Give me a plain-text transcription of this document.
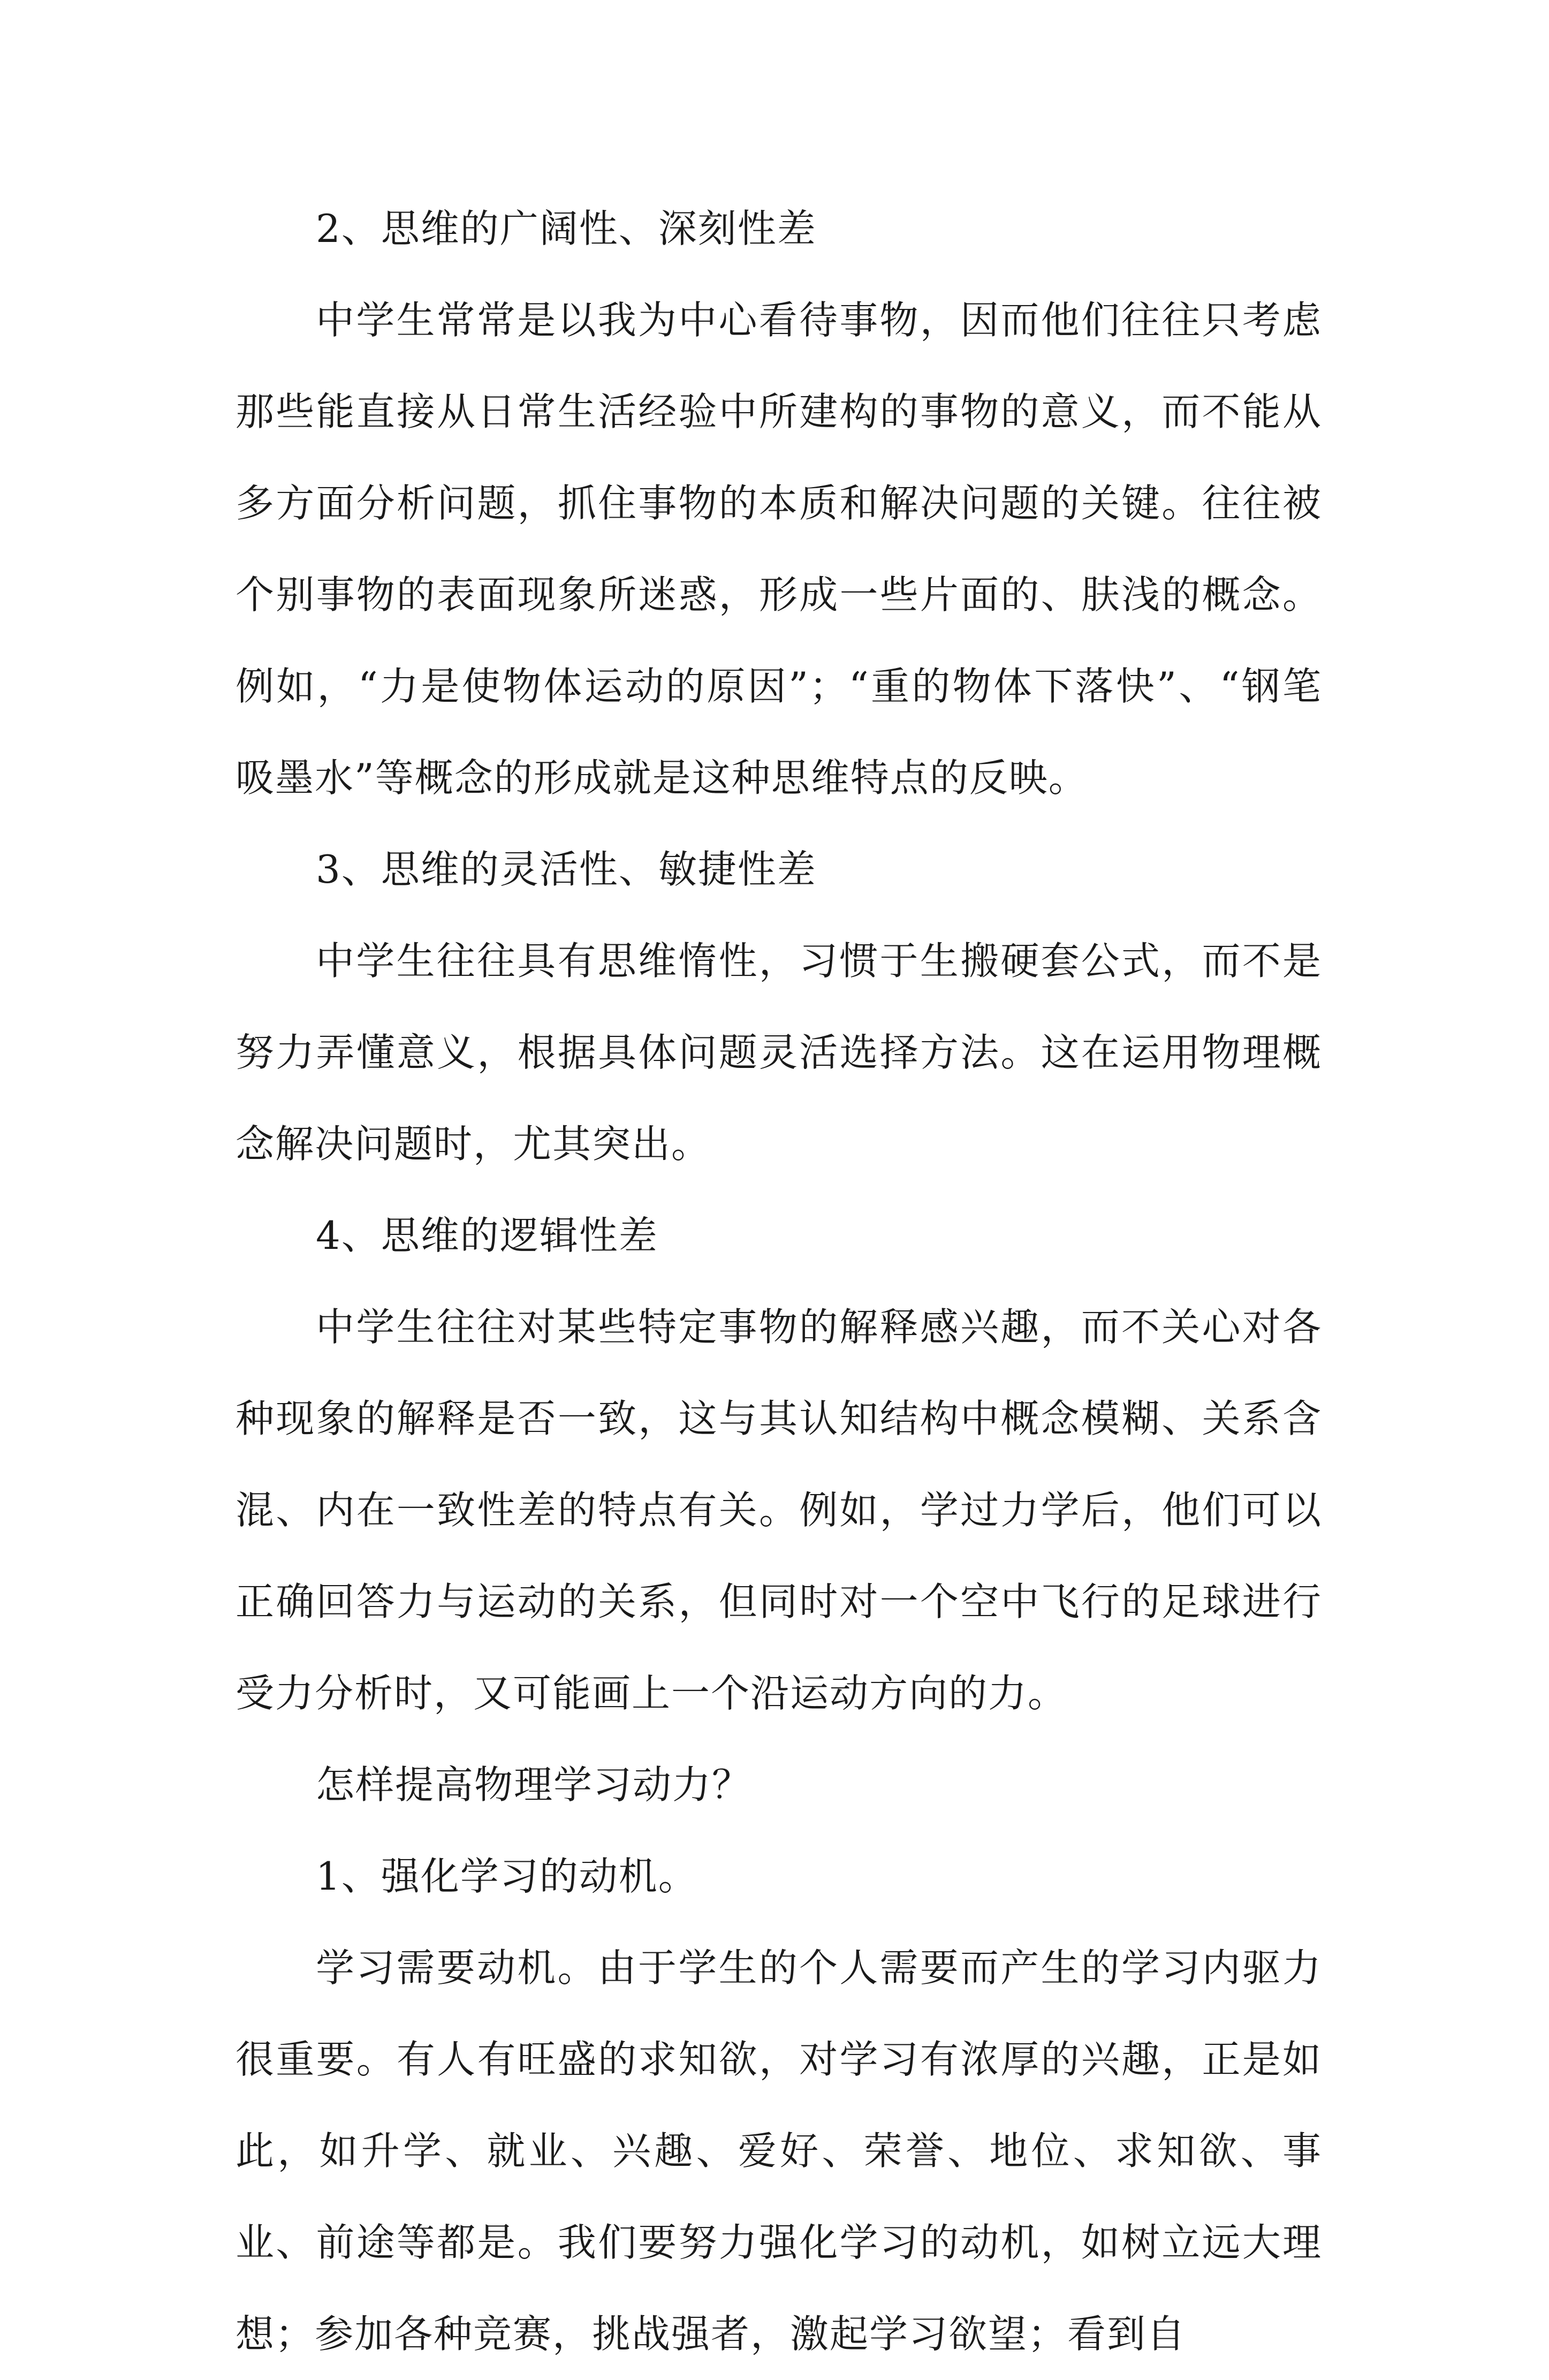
2、思维的广阔性、深刻性差

中学生常常是以我为中心看待事物，因而他们往往只考虑那些能直接从日常生活经验中所建构的事物的意义，而不能从多方面分析问题，抓住事物的本质和解决问题的关键。往往被个别事物的表面现象所迷惑，形成一些片面的、肤浅的概念。例如，“力是使物体运动的原因”；“重的物体下落快”、“钢笔吸墨水”等概念的形成就是这种思维特点的反映。

3、思维的灵活性、敏捷性差

中学生往往具有思维惰性，习惯于生搬硬套公式，而不是努力弄懂意义，根据具体问题灵活选择方法。这在运用物理概念解决问题时，尤其突出。

4、思维的逻辑性差

中学生往往对某些特定事物的解释感兴趣，而不关心对各种现象的解释是否一致，这与其认知结构中概念模糊、关系含混、内在一致性差的特点有关。例如，学过力学后，他们可以正确回答力与运动的关系，但同时对一个空中飞行的足球进行受力分析时，又可能画上一个沿运动方向的力。

怎样提高物理学习动力？

1、强化学习的动机。

学习需要动机。由于学生的个人需要而产生的学习内驱力很重要。有人有旺盛的求知欲，对学习有浓厚的兴趣，正是如此，如升学、就业、兴趣、爱好、荣誉、地位、求知欲、事业、前途等都是。我们要努力强化学习的动机，如树立远大理想；参加各种竞赛，挑战强者，激起学习欲望；看到自
